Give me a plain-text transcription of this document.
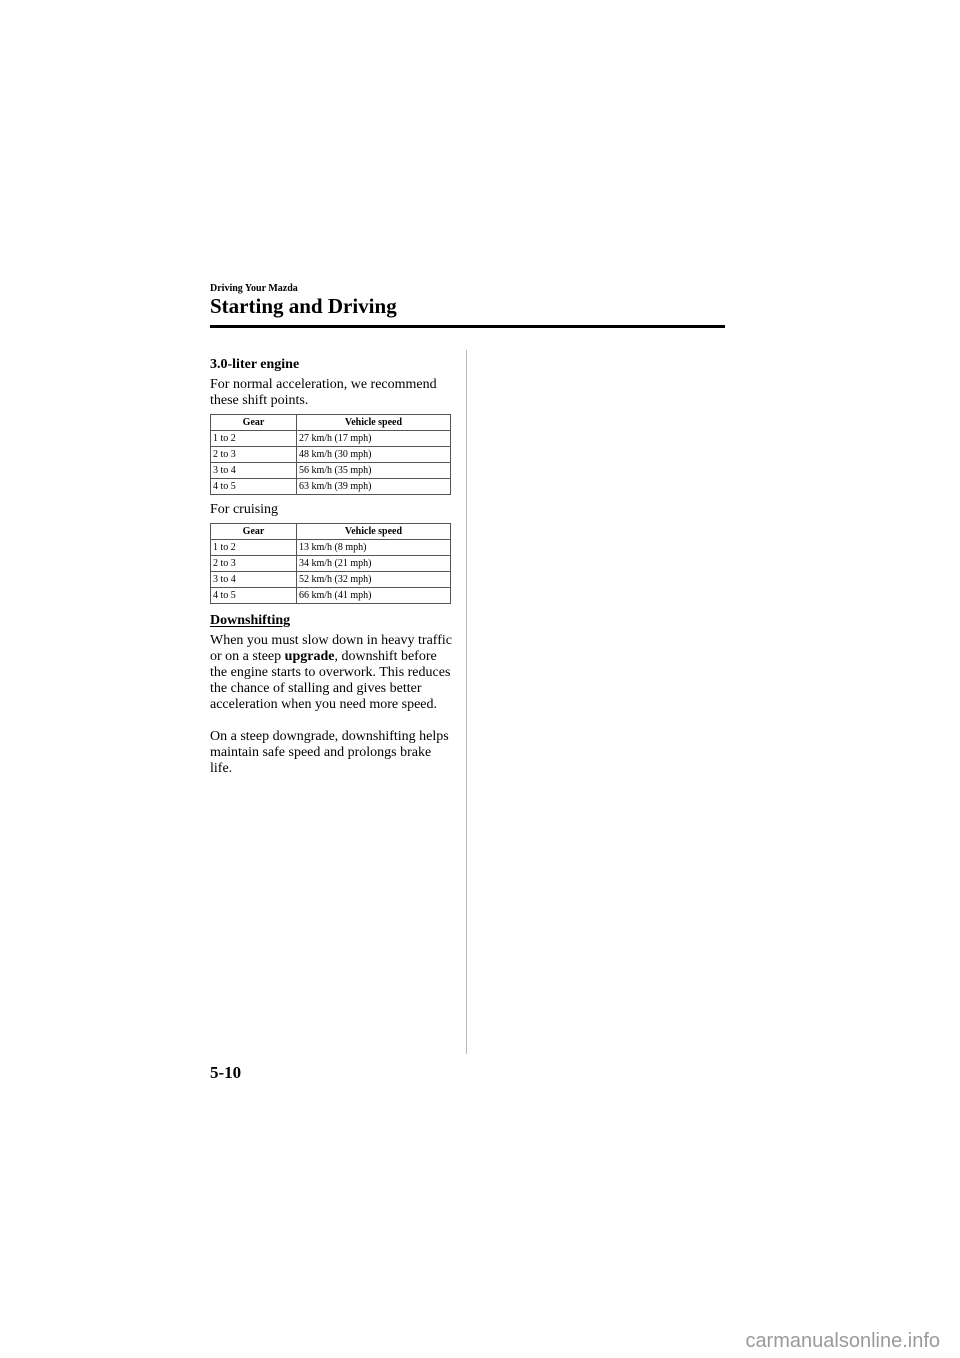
Driving Your Mazda
Starting and Driving
3.0-liter engine
For normal acceleration, we recommend these shift points.
Gear	Vehicle speed
1 to 2	27 km/h (17 mph)
2 to 3	48 km/h (30 mph)
3 to 4	56 km/h (35 mph)
4 to 5	63 km/h (39 mph)
For cruising
Gear	Vehicle speed
1 to 2	13 km/h (8 mph)
2 to 3	34 km/h (21 mph)
3 to 4	52 km/h (32 mph)
4 to 5	66 km/h (41 mph)
Downshifting
When you must slow down in heavy traffic or on a steep upgrade, downshift before the engine starts to overwork. This reduces the chance of stalling and gives better acceleration when you need more speed.
On a steep downgrade, downshifting helps maintain safe speed and prolongs brake life.
5-10
carmanualsonline.info
